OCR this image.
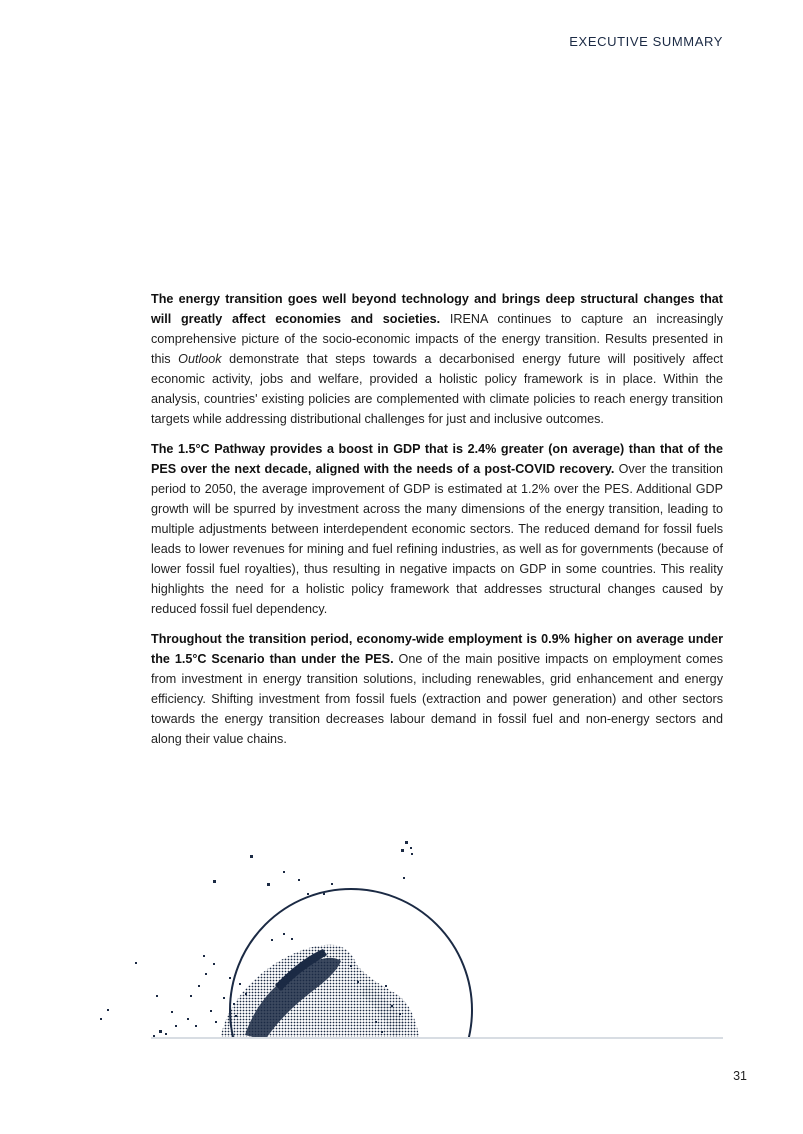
EXECUTIVE SUMMARY

The energy transition goes well beyond technology and brings deep structural changes that will greatly affect economies and societies. IRENA continues to capture an increasingly comprehensive picture of the socio-economic impacts of the energy transition. Results presented in this Outlook demonstrate that steps towards a decarbonised energy future will positively affect economic activity, jobs and welfare, provided a holistic policy framework is in place. Within the analysis, countries' existing policies are complemented with climate policies to reach energy transition targets while addressing distributional challenges for just and inclusive outcomes.

The 1.5°C Pathway provides a boost in GDP that is 2.4% greater (on average) than that of the PES over the next decade, aligned with the needs of a post-COVID recovery. Over the transition period to 2050, the average improvement of GDP is estimated at 1.2% over the PES. Additional GDP growth will be spurred by investment across the many dimensions of the energy transition, leading to multiple adjustments between interdependent economic sectors. The reduced demand for fossil fuels leads to lower revenues for mining and fuel refining industries, as well as for governments (because of lower fossil fuel royalties), thus resulting in negative impacts on GDP in some countries. This reality highlights the need for a holistic policy framework that addresses structural changes caused by reduced fossil fuel dependency.

Throughout the transition period, economy-wide employment is 0.9% higher on average under the 1.5°C Scenario than under the PES. One of the main positive impacts on employment comes from investment in energy transition solutions, including renewables, grid enhancement and energy efficiency. Shifting investment from fossil fuels (extraction and power generation) and other sectors towards the energy transition decreases labour demand in fossil fuel and non-energy sectors and along their value chains.

31
